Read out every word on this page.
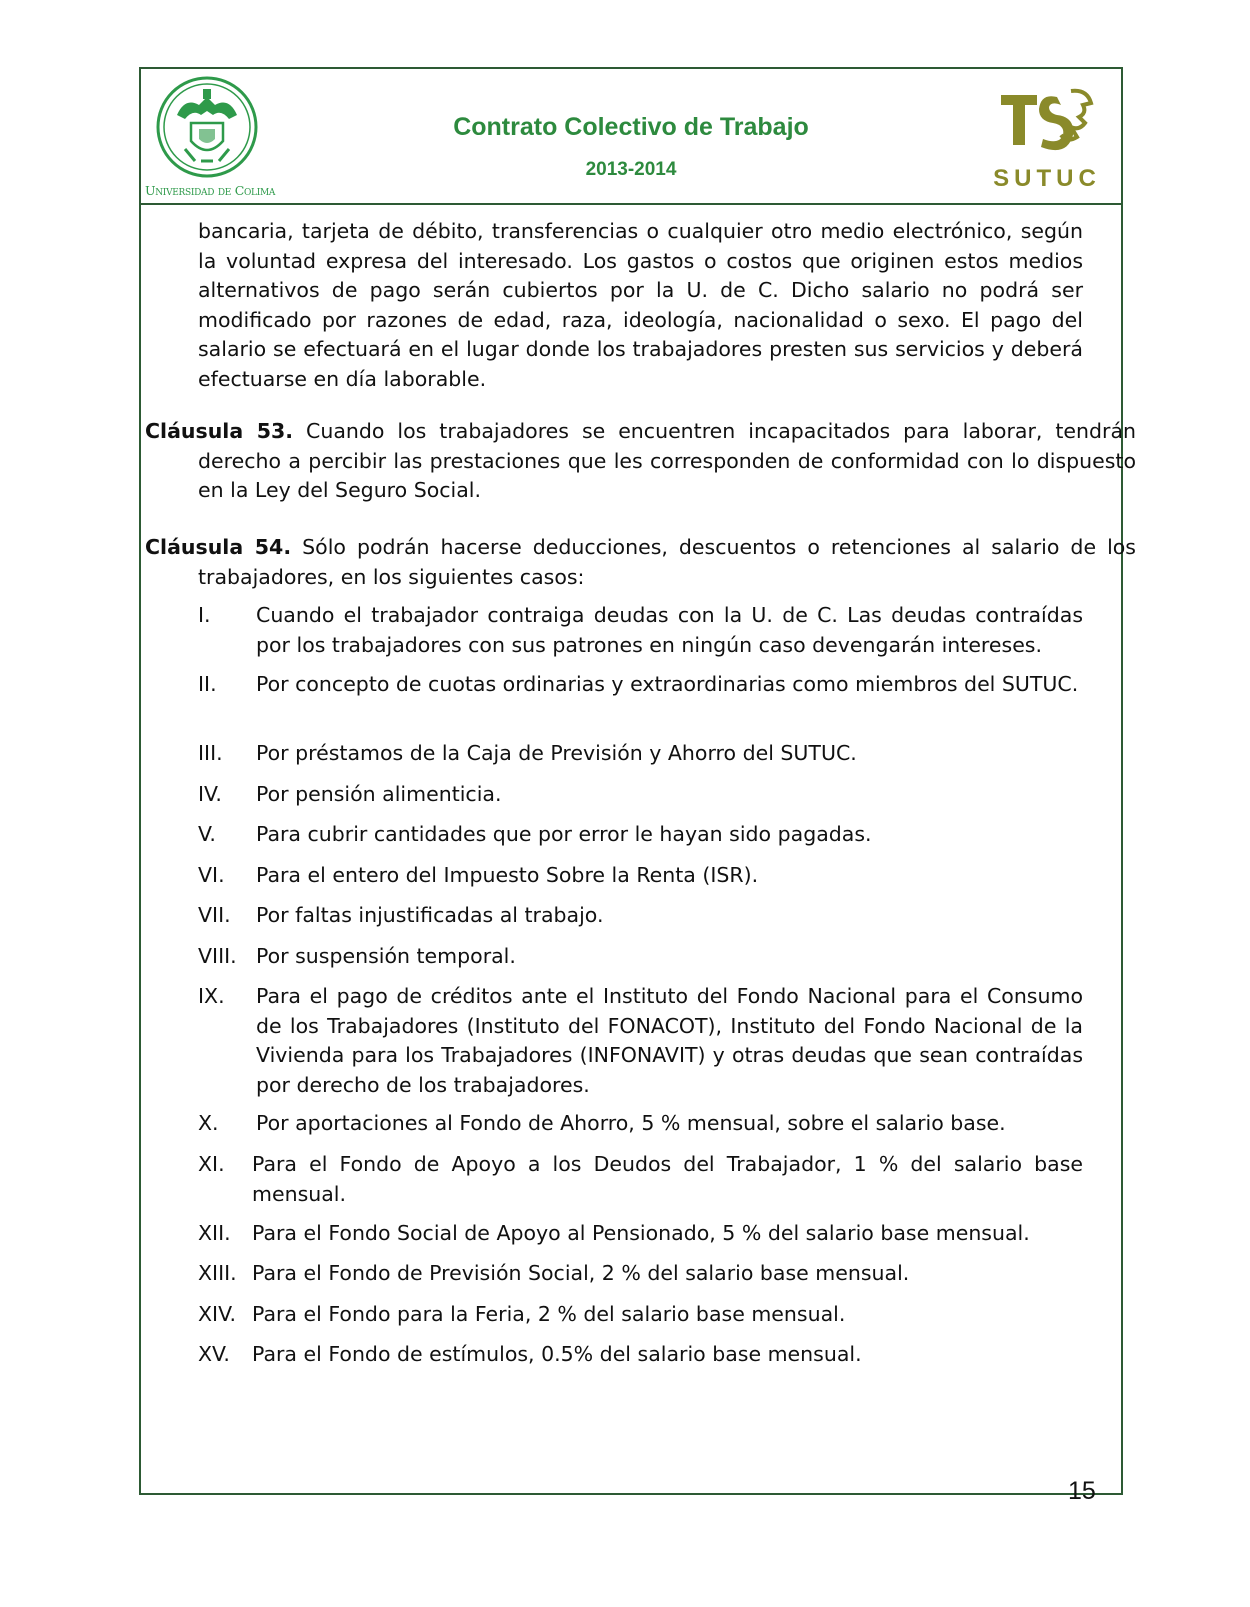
Universidad de Colima
Contrato Colectivo de Trabajo
2013-2014	SUTUC

bancaria, tarjeta de débito, transferencias o cualquier otro medio electrónico, según la voluntad expresa del interesado. Los gastos o costos que originen estos medios alternativos de pago serán cubiertos por la U. de C. Dicho salario no podrá ser modificado por razones de edad, raza, ideología, nacionalidad o sexo. El pago del salario se efectuará en el lugar donde los trabajadores presten sus servicios y deberá efectuarse en día laborable.

Cláusula 53. Cuando los trabajadores se encuentren incapacitados para laborar, tendrán derecho a percibir las prestaciones que les corresponden de conformidad con lo dispuesto en la Ley del Seguro Social.

Cláusula 54. Sólo podrán hacerse deducciones, descuentos o retenciones al salario de los trabajadores, en los siguientes casos:

I.	Cuando el trabajador contraiga deudas con la U. de C. Las deudas contraídas por los trabajadores con sus patrones en ningún caso devengarán intereses.
II.	Por concepto de cuotas ordinarias y extraordinarias como miembros del SUTUC.
III.	Por préstamos de la Caja de Previsión y Ahorro del SUTUC.
IV.	Por pensión alimenticia.
V.	Para cubrir cantidades que por error le hayan sido pagadas.
VI.	Para el entero del Impuesto Sobre la Renta (ISR).
VII.	Por faltas injustificadas al trabajo.
VIII. Por suspensión temporal.
IX.	Para el pago de créditos ante el Instituto del Fondo Nacional para el Consumo de los Trabajadores (Instituto del FONACOT), Instituto del Fondo Nacional de la Vivienda para los Trabajadores (INFONAVIT) y otras deudas que sean contraídas por derecho de los trabajadores.
X.	Por aportaciones al Fondo de Ahorro, 5 % mensual, sobre el salario base.
XI.	Para el Fondo de Apoyo a los Deudos del Trabajador, 1 % del salario base mensual.
XII.	Para el Fondo Social de Apoyo al Pensionado, 5 % del salario base mensual.
XIII. Para el Fondo de Previsión Social, 2 % del salario base mensual.
XIV. Para el Fondo para la Feria, 2 % del salario base mensual.
XV.	Para el Fondo de estímulos, 0.5% del salario base mensual.
15
